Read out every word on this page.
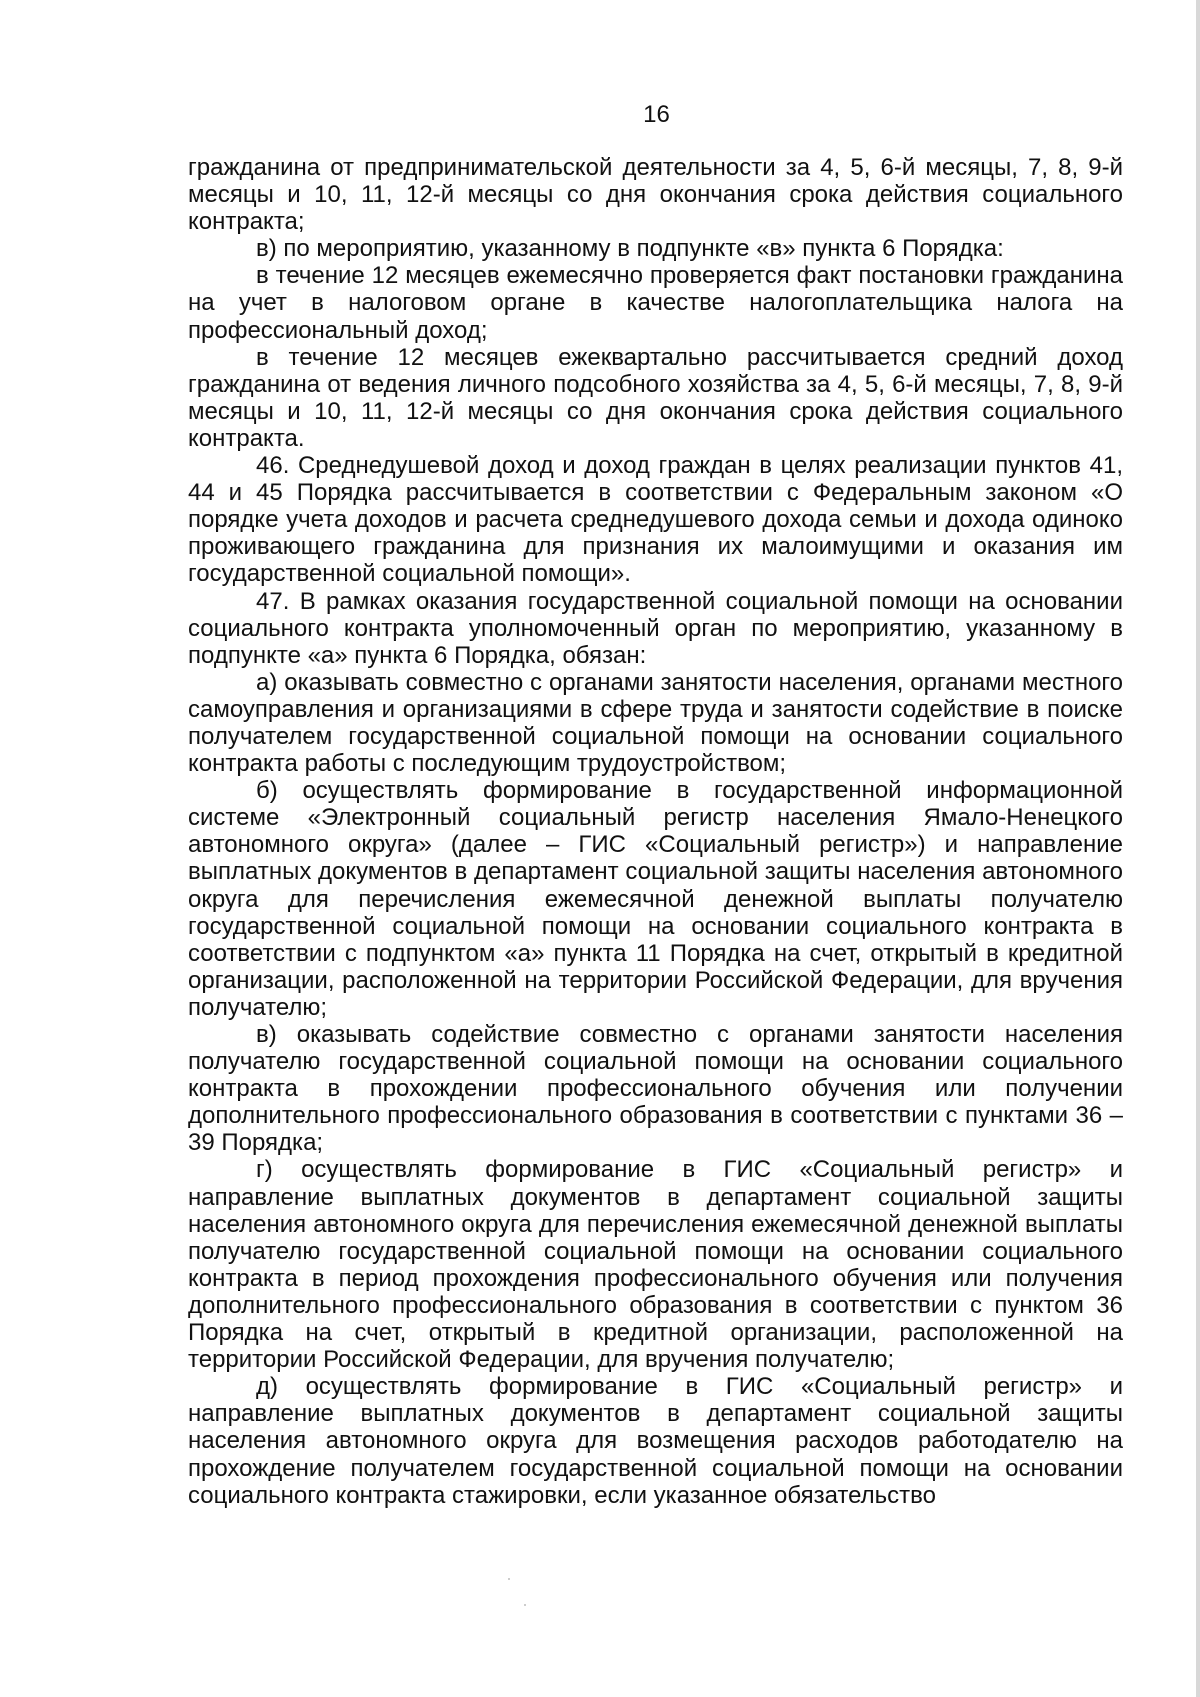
16

гражданина от предпринимательской деятельности за 4, 5, 6-й месяцы, 7, 8, 9-й месяцы и 10, 11, 12-й месяцы со дня окончания срока действия социального контракта;

в) по мероприятию, указанному в подпункте «в» пункта 6 Порядка:

в течение 12 месяцев ежемесячно проверяется факт постановки гражданина на учет в налоговом органе в качестве налогоплательщика налога на профессиональный доход;

в течение 12 месяцев ежеквартально рассчитывается средний доход гражданина от ведения личного подсобного хозяйства за 4, 5, 6-й месяцы, 7, 8, 9-й месяцы и 10, 11, 12-й месяцы со дня окончания срока действия социального контракта.

46. Среднедушевой доход и доход граждан в целях реализации пунктов 41, 44 и 45 Порядка рассчитывается в соответствии с Федеральным законом «О порядке учета доходов и расчета среднедушевого дохода семьи и дохода одиноко проживающего гражданина для признания их малоимущими и оказания им государственной социальной помощи».

47. В рамках оказания государственной социальной помощи на основании социального контракта уполномоченный орган по мероприятию, указанному в подпункте «а» пункта 6 Порядка, обязан:

а) оказывать совместно с органами занятости населения, органами местного самоуправления и организациями в сфере труда и занятости содействие в поиске получателем государственной социальной помощи на основании социального контракта работы с последующим трудоустройством;

б) осуществлять формирование в государственной информационной системе «Электронный социальный регистр населения Ямало-Ненецкого автономного округа» (далее – ГИС «Социальный регистр») и направление выплатных документов в департамент социальной защиты населения автономного округа для перечисления ежемесячной денежной выплаты получателю государственной социальной помощи на основании социального контракта в соответствии с подпунктом «а» пункта 11 Порядка на счет, открытый в кредитной организации, расположенной на территории Российской Федерации, для вручения получателю;

в) оказывать содействие совместно с органами занятости населения получателю государственной социальной помощи на основании социального контракта в прохождении профессионального обучения или получении дополнительного профессионального образования в соответствии с пунктами 36 – 39 Порядка;

г) осуществлять формирование в ГИС «Социальный регистр» и направление выплатных документов в департамент социальной защиты населения автономного округа для перечисления ежемесячной денежной выплаты получателю государственной социальной помощи на основании социального контракта в период прохождения профессионального обучения или получения дополнительного профессионального образования в соответствии с пунктом 36 Порядка на счет, открытый в кредитной организации, расположенной на территории Российской Федерации, для вручения получателю;

д) осуществлять формирование в ГИС «Социальный регистр» и направление выплатных документов в департамент социальной защиты населения автономного округа для возмещения расходов работодателю на прохождение получателем государственной социальной помощи на основании социального контракта стажировки, если указанное обязательство
